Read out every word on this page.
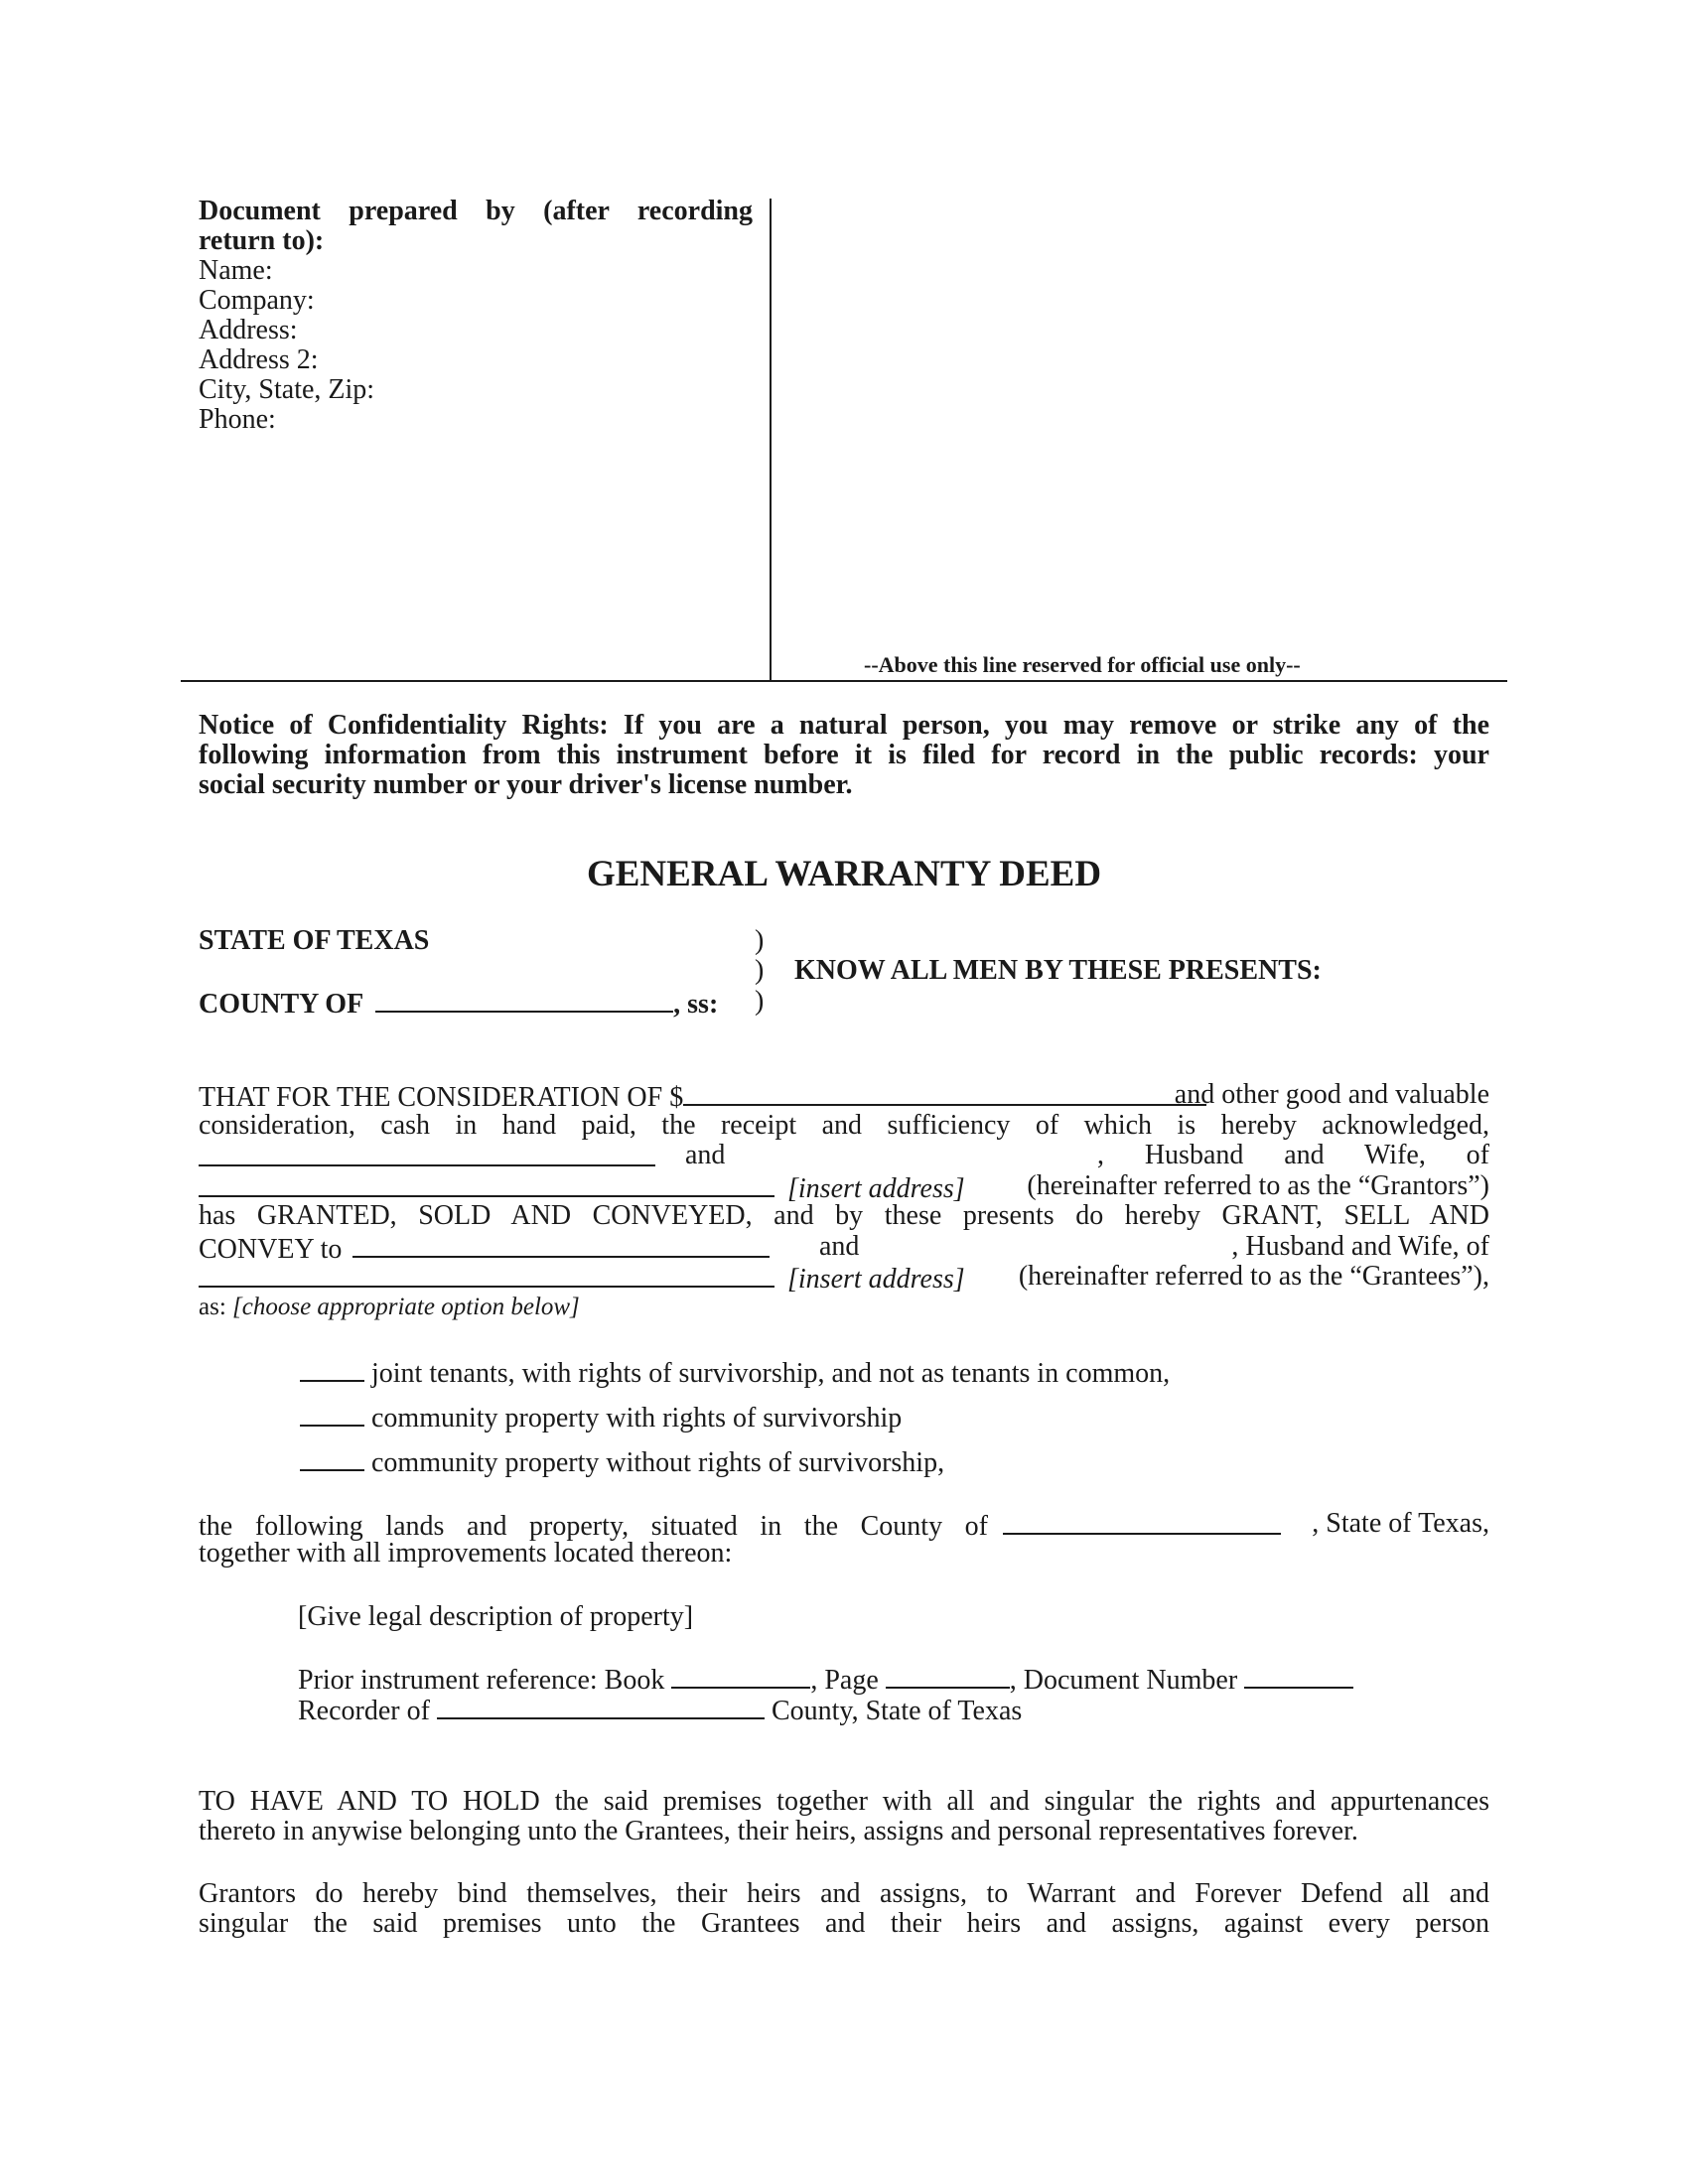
Document prepared by (after recording
return to):
Name:
Company:
Address:
Address 2:
City, State, Zip:
Phone:
--Above this line reserved for official use only--
Notice of Confidentiality Rights: If you are a natural person, you may remove or strike any of the
following information from this instrument before it is filed for record in the public records: your
social security number or your driver's license number.
GENERAL WARRANTY DEED
STATE OF TEXAS
COUNTY OF	, ss:
)
)
)
KNOW ALL MEN BY THESE PRESENTS:
THAT FOR THE CONSIDERATION OF $	and other good and valuable
consideration, cash in hand paid, the receipt and sufficiency of which is hereby acknowledged,
and	, Husband and Wife, of
[insert address] (hereinafter referred to as the “Grantors”)
has GRANTED, SOLD AND CONVEYED, and by these presents do hereby GRANT, SELL AND
CONVEY to	and	, Husband and Wife, of
[insert address] (hereinafter referred to as the “Grantees”),
as: [choose appropriate option below]
joint tenants, with rights of survivorship, and not as tenants in common,
community property with rights of survivorship
community property without rights of survivorship,
the following lands and property, situated in the County of	, State of Texas,
together with all improvements located thereon:
[Give legal description of property]
Prior instrument reference: Book	, Page	, Document Number
Recorder of	County, State of Texas
TO HAVE AND TO HOLD the said premises together with all and singular the rights and appurtenances
thereto in anywise belonging unto the Grantees, their heirs, assigns and personal representatives forever.
Grantors do hereby bind themselves, their heirs and assigns, to Warrant and Forever Defend all and
singular the said premises unto the Grantees and their heirs and assigns, against every person
